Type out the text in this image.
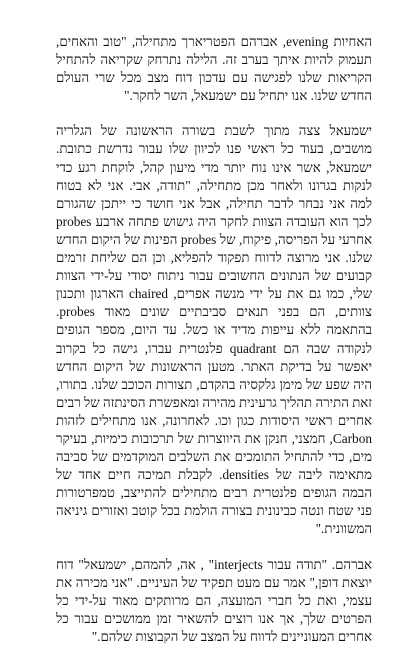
האחיות evening, אברהם הפטריארך מתחילה, "טוב והאחים, תעמוק להיות איתך בערב זה. הלילה נתרחק שקריאה להתחיל הקריאות שלנו לפגישה עם עדכון דוח מצב מכל שרי העולם החדש שלנו. אנו יתחיל עם ישמעאל, השר לחקר."

ישמעאל צצה מתוך לשבת בשורה הראשונה של הגלריה מושבים, בעוד כל ראשי פנו לכיוון שלו עבור נדרשת כתובת. ישמעאל, אשר אינו נוח יותר מדי מיעון קהל, לוקחת רגע כדי לנקות בגרונו ולאחר מכן מתחילה, "תודה, אבי. אני לא בטוח למה אני נבחר לדבר תחילה, אבל אני חושד כי ייתכן שהגורם לכך הוא העובדה הצוות לחקר היה גישוש פתחה ארבע probes אחרעי על הפריסה, פיקוח, של probes הפינות של היקום החדש שלנו. אני מרוצה לדווח תפקוד להפליא, וכן הם שליחת זרמים קבועים של הנתונים החשובים עבור ניתוח יסודי על-ידי הצוות שלי, כמו גם את על ידי מנשה אפרים, chaired הארגון ותכנון צוותים, הם בפני תנאים סביבתיים שונים מאוד probes. בהתאמה ללא עייפות מדיד או כשל. עד היום, מספר הגופים לנקודה שבה הם quadrant פלנטרית עברו, גישה כל בקרוב יאפשר על בדיקת האתר. מטען הראשונות של היקום החדש היה שפע של מימן גלקסיה בהקדם, תצורות הכוכב שלנו. בתורו, זאת התירה תהליך גרעינית מהירה ומאפשרת הסינתזה של רבים אחרים ראשי היסודות כגון וכו. לאחרונה, אנו מתחילים לזהות Carbon, חמצני, חנקן את היווצרות של תרכובות כימיות, בעיקר מים, כדי להתחיל התומכים את השלבים המוקדמים של סביבה מתאימה ליבה של densities. לקבלת תמיכה חיים אחד של הבמה הגופים פלנטרית רבים מתחילים להתייצב, טמפרטורות פני שטח ונטה כבינונית בצורה הולמת בכל קוטב ואזורים גיניאה המשוונית."

אברהם. "תודה עבור interjects" , אה, להמהם, ישמעאל" דוח יוצאת דופן," אמר עם מעט תפקיד של העיניים. "אני מכירה את עצמי, ואת כל חברי המועצה, הם מרותקים מאוד על-ידי כל הפרטים שלך, אך אנו רוצים להשאיר זמן ממושכים עבור כל אחרים המעוניינים לדווח על המצב של הקבוצות שלהם."
